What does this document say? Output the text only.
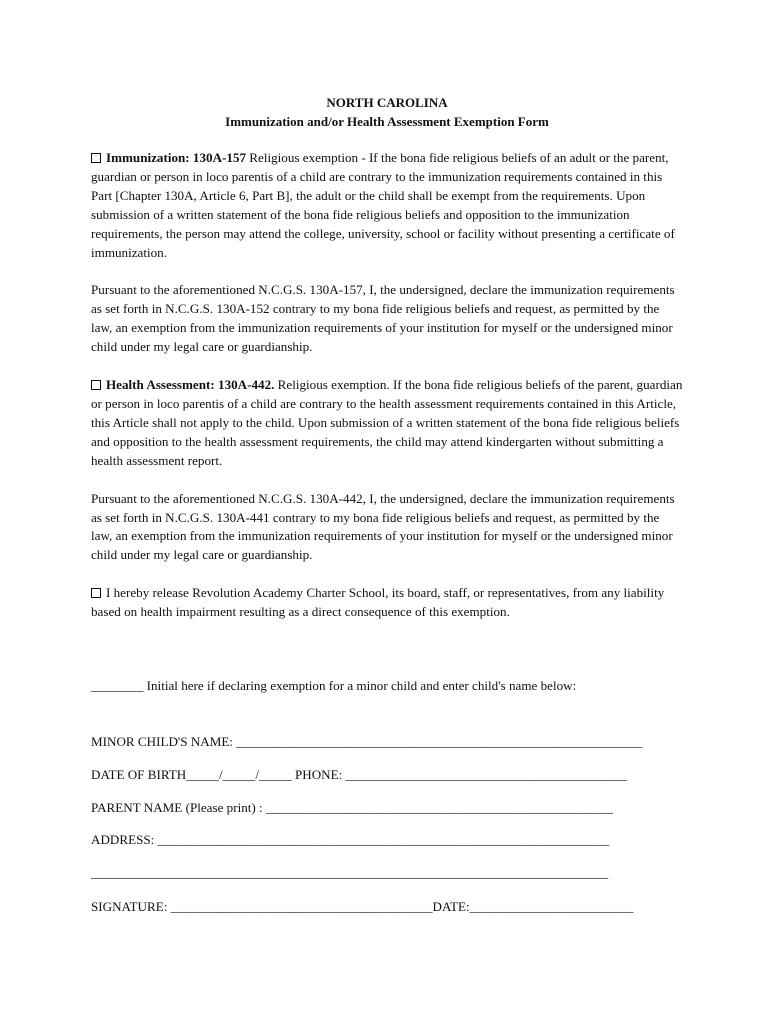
NORTH CAROLINA
Immunization and/or Health Assessment Exemption Form

Immunization: 130A-157 Religious exemption - If the bona fide religious beliefs of an adult or the parent, guardian or person in loco parentis of a child are contrary to the immunization requirements contained in this Part [Chapter 130A, Article 6, Part B], the adult or the child shall be exempt from the requirements. Upon submission of a written statement of the bona fide religious beliefs and opposition to the immunization requirements, the person may attend the college, university, school or facility without presenting a certificate of immunization.

Pursuant to the aforementioned N.C.G.S. 130A-157, I, the undersigned, declare the immunization requirements as set forth in N.C.G.S. 130A-152 contrary to my bona fide religious beliefs and request, as permitted by the law, an exemption from the immunization requirements of your institution for myself or the undersigned minor child under my legal care or guardianship.

Health Assessment: 130A-442. Religious exemption. If the bona fide religious beliefs of the parent, guardian or person in loco parentis of a child are contrary to the health assessment requirements contained in this Article, this Article shall not apply to the child. Upon submission of a written statement of the bona fide religious beliefs and opposition to the health assessment requirements, the child may attend kindergarten without submitting a health assessment report.

Pursuant to the aforementioned N.C.G.S. 130A-442, I, the undersigned, declare the immunization requirements as set forth in N.C.G.S. 130A-441 contrary to my bona fide religious beliefs and request, as permitted by the law, an exemption from the immunization requirements of your institution for myself or the undersigned minor child under my legal care or guardianship.

I hereby release Revolution Academy Charter School, its board, staff, or representatives, from any liability based on health impairment resulting as a direct consequence of this exemption.

________ Initial here if declaring exemption for a minor child and enter child's name below:

MINOR CHILD'S NAME: ______________________________________________________________

DATE OF BIRTH_____/_____/_____ PHONE: ___________________________________________

PARENT NAME (Please print) : _____________________________________________________

ADDRESS: _____________________________________________________________________

_______________________________________________________________________________

SIGNATURE: ________________________________________DATE:_________________________
